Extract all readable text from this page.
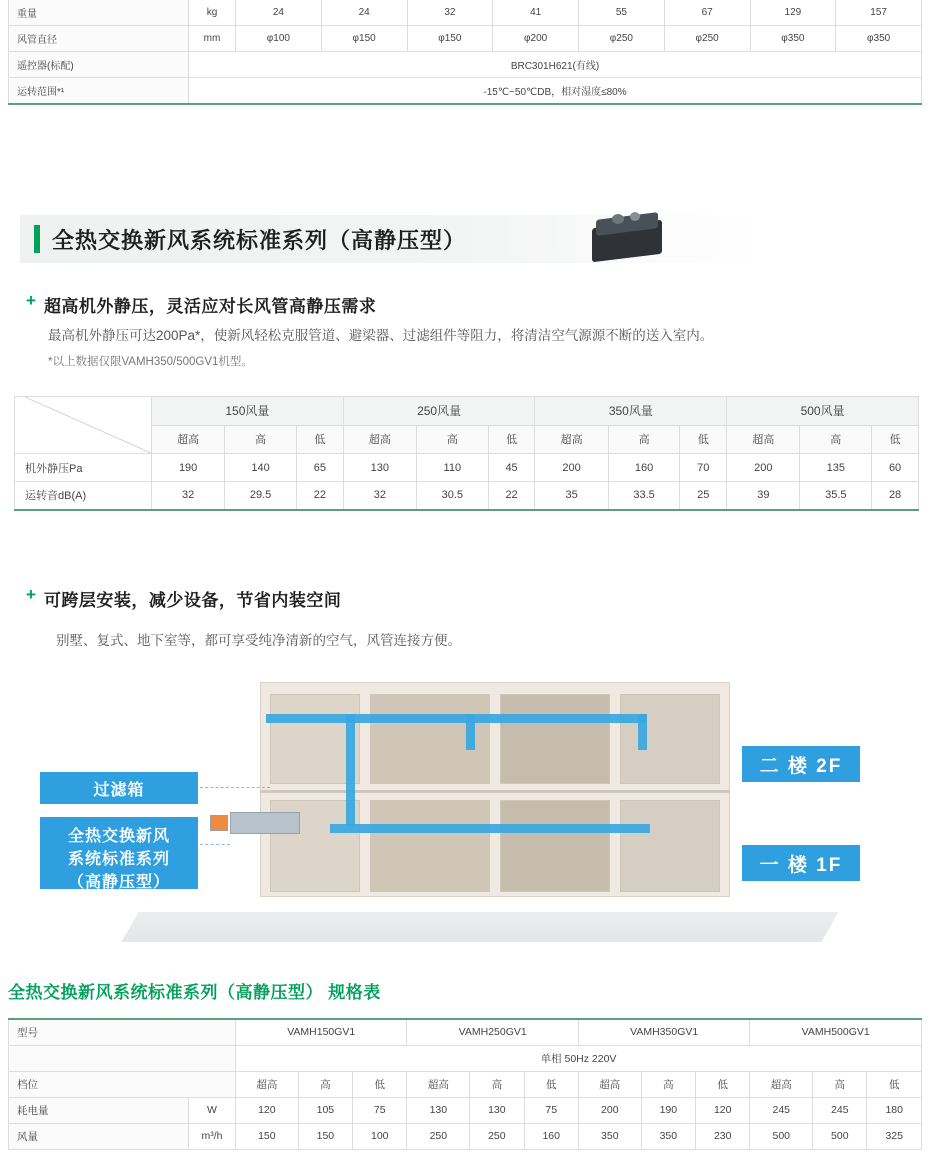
重量	kg	24	24	32	41	55	67	129	157
风管直径	mm	φ100	φ150	φ150	φ200	φ250	φ250	φ350	φ350
遥控器(标配)	BRC301H621(有线)								
运转范围*¹	-15℃~50℃DB，相对湿度≤80%								
全热交换新风系统标准系列（高静压型）
+ 超高机外静压，灵活应对长风管高静压需求
最高机外静压可达200Pa*，使新风轻松克服管道、避梁器、过滤组件等阻力，将清洁空气源源不断的送入室内。
*以上数据仅限VAMH350/500GV1机型。
	150风量			250风量			350风量			500风量		
	超高	高	低	超高	高	低	超高	高	低	超高	高	低
机外静压Pa	190	140	65	130	110	45	200	160	70	200	135	60
运转音dB(A)	32	29.5	22	32	30.5	22	35	33.5	25	39	35.5	28
+ 可跨层安装，减少设备，节省内装空间
别墅、复式、地下室等，都可享受纯净清新的空气，风管连接方便。
过滤箱
全热交换新风
系统标准系列
（高静压型）
二 楼 2F
一 楼 1F
全热交换新风系统标准系列（高静压型） 规格表
型号		VAMH150GV1			VAMH250GV1			VAMH350GV1			VAMH500GV1		
		单相 50Hz 220V											
档位		超高	高	低	超高	高	低	超高	高	低	超高	高	低
耗电量	W	120	105	75	130	130	75	200	190	120	245	245	180
风量	m³/h	150	150	100	250	250	160	350	350	230	500	500	325
